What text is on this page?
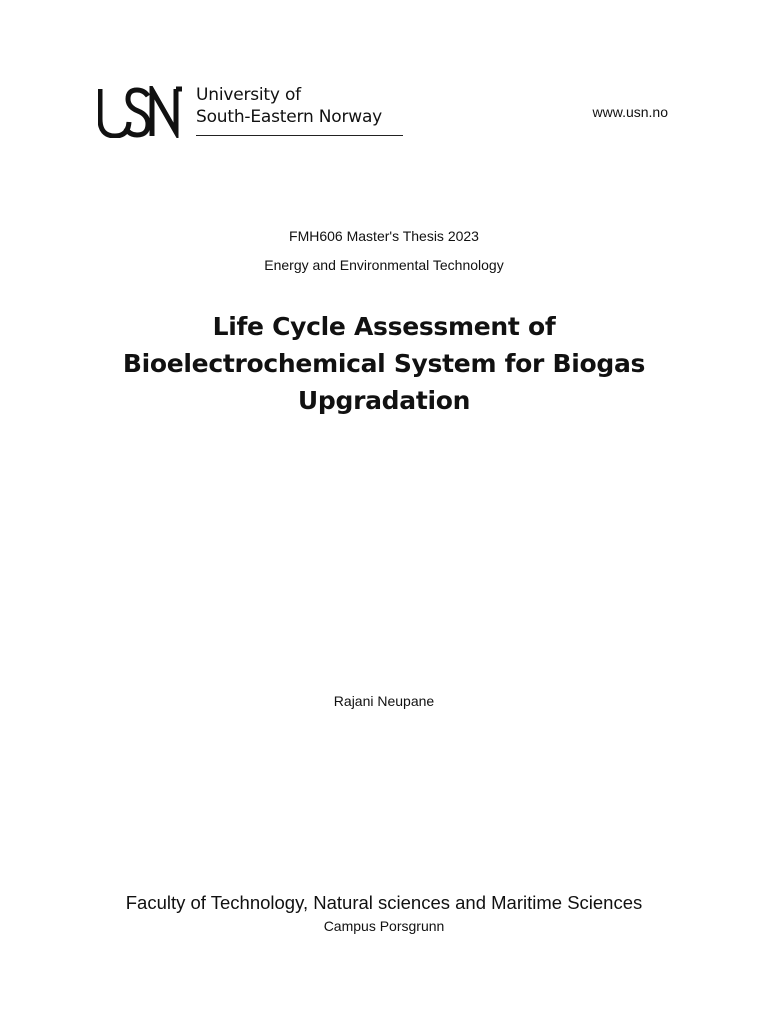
University of
South-Eastern Norway	www.usn.no
FMH606 Master's Thesis 2023
Energy and Environmental Technology
Life Cycle Assessment of Bioelectrochemical System for Biogas Upgradation
Rajani Neupane
Faculty of Technology, Natural sciences and Maritime Sciences
Campus Porsgrunn
